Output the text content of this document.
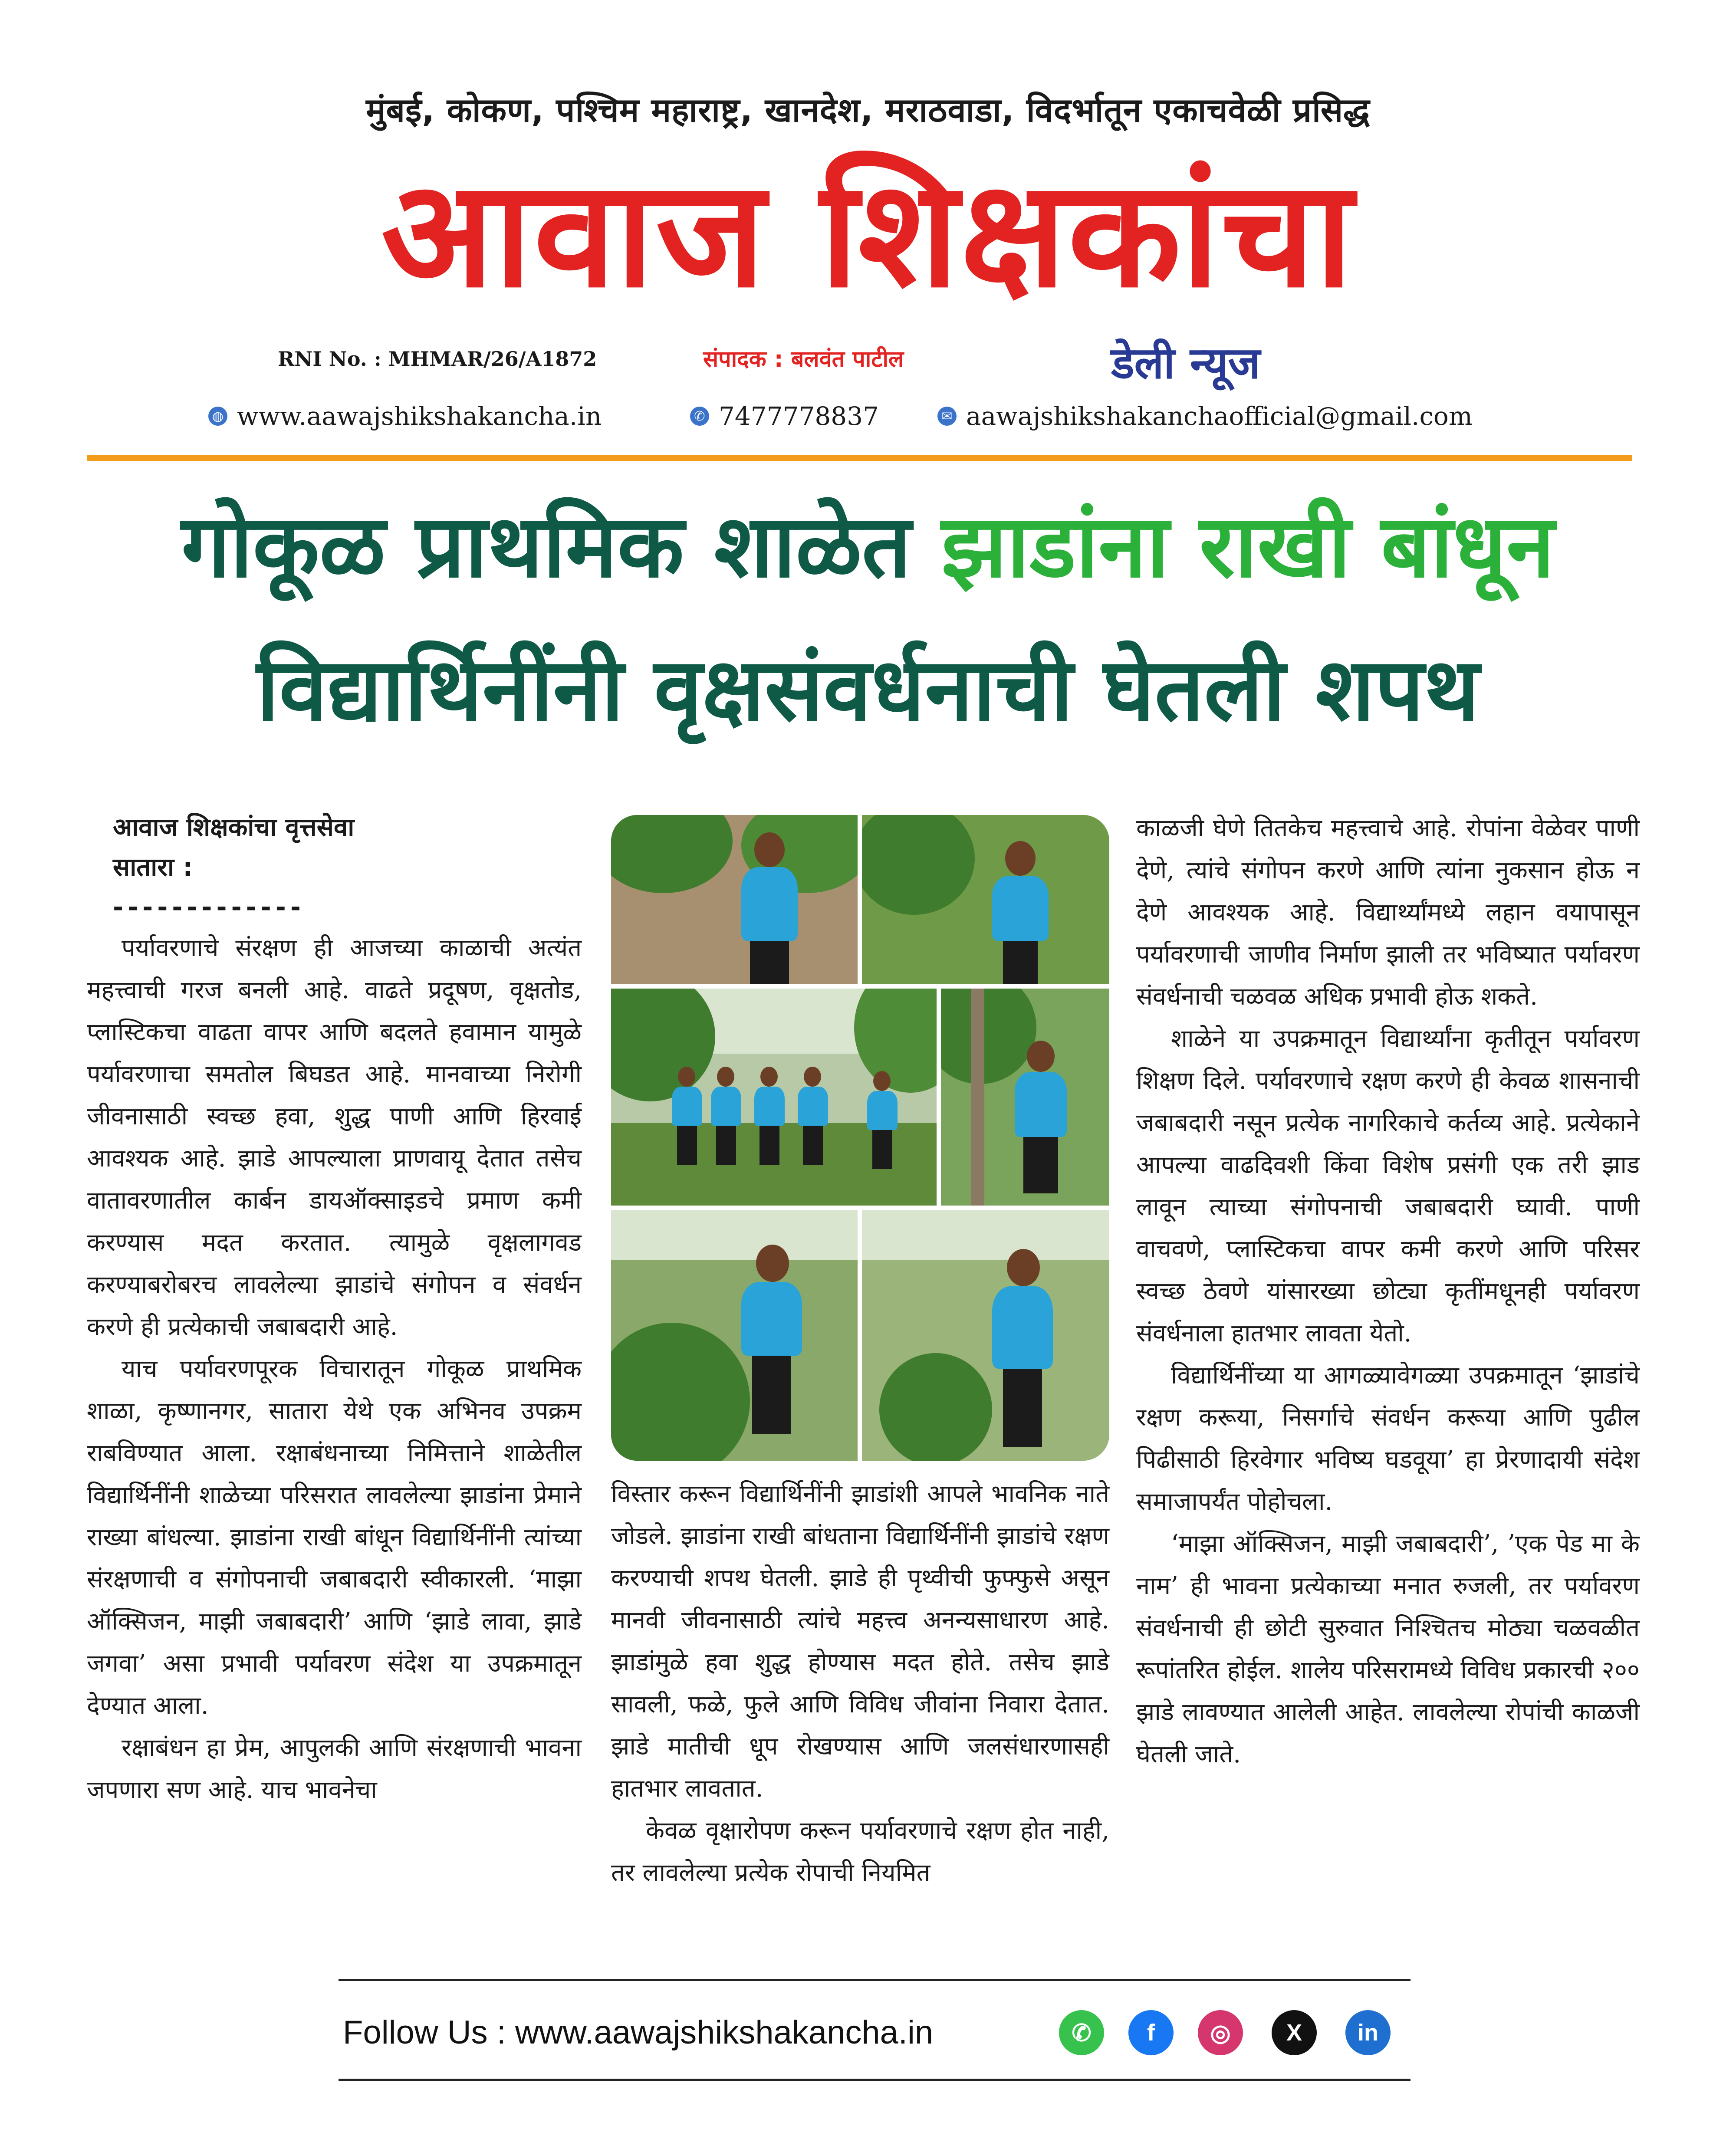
मुंबई, कोकण, पश्चिम महाराष्ट्र, खानदेश, मराठवाडा, विदर्भातून एकाचवेळी प्रसिद्ध
आवाज शिक्षकांचा
RNI No. : MHMAR/26/A1872	संपादक : बलवंत पाटील	डेली न्यूज
◍ www.aawajshikshakancha.in	✆ 7477778837	✉ aawajshikshakanchaofficial@gmail.com
गोकूळ प्राथमिक शाळेत झाडांना राखी बांधून
विद्यार्थिनींनी वृक्षसंवर्धनाची घेतली शपथ

आवाज शिक्षकांचा वृत्तसेवा

सातारा :

-------------

पर्यावरणाचे संरक्षण ही आजच्या काळाची अत्यंत महत्त्वाची गरज बनली आहे. वाढते प्रदूषण, वृक्षतोड, प्लास्टिकचा वाढता वापर आणि बदलते हवामान यामुळे पर्यावरणाचा समतोल बिघडत आहे. मानवाच्या निरोगी जीवनासाठी स्वच्छ हवा, शुद्ध पाणी आणि हिरवाई आवश्यक आहे. झाडे आपल्याला प्राणवायू देतात तसेच वातावरणातील कार्बन डायऑक्साइडचे प्रमाण कमी करण्यास मदत करतात. त्यामुळे वृक्षलागवड करण्याबरोबरच लावलेल्या झाडांचे संगोपन व संवर्धन करणे ही प्रत्येकाची जबाबदारी आहे.

याच पर्यावरणपूरक विचारातून गोकूळ प्राथमिक शाळा, कृष्णानगर, सातारा येथे एक अभिनव उपक्रम राबविण्यात आला. रक्षाबंधनाच्या निमित्ताने शाळेतील विद्यार्थिनींनी शाळेच्या परिसरात लावलेल्या झाडांना प्रेमाने राख्या बांधल्या. झाडांना राखी बांधून विद्यार्थिनींनी त्यांच्या संरक्षणाची व संगोपनाची जबाबदारी स्वीकारली. ‘माझा ऑक्सिजन, माझी जबाबदारी’ आणि ‘झाडे लावा, झाडे जगवा’ असा प्रभावी पर्यावरण संदेश या उपक्रमातून देण्यात आला.

रक्षाबंधन हा प्रेम, आपुलकी आणि संरक्षणाची भावना जपणारा सण आहे. याच भावनेचा

विस्तार करून विद्यार्थिनींनी झाडांशी आपले भावनिक नाते जोडले. झाडांना राखी बांधताना विद्यार्थिनींनी झाडांचे रक्षण करण्याची शपथ घेतली. झाडे ही पृथ्वीची फुफ्फुसे असून मानवी जीवनासाठी त्यांचे महत्त्व अनन्यसाधारण आहे. झाडांमुळे हवा शुद्ध होण्यास मदत होते. तसेच झाडे सावली, फळे, फुले आणि विविध जीवांना निवारा देतात. झाडे मातीची धूप रोखण्यास आणि जलसंधारणासही हातभार लावतात.

केवळ वृक्षारोपण करून पर्यावरणाचे रक्षण होत नाही, तर लावलेल्या प्रत्येक रोपाची नियमित

काळजी घेणे तितकेच महत्त्वाचे आहे. रोपांना वेळेवर पाणी देणे, त्यांचे संगोपन करणे आणि त्यांना नुकसान होऊ न देणे आवश्यक आहे. विद्यार्थ्यांमध्ये लहान वयापासून पर्यावरणाची जाणीव निर्माण झाली तर भविष्यात पर्यावरण संवर्धनाची चळवळ अधिक प्रभावी होऊ शकते.

शाळेने या उपक्रमातून विद्यार्थ्यांना कृतीतून पर्यावरण शिक्षण दिले. पर्यावरणाचे रक्षण करणे ही केवळ शासनाची जबाबदारी नसून प्रत्येक नागरिकाचे कर्तव्य आहे. प्रत्येकाने आपल्या वाढदिवशी किंवा विशेष प्रसंगी एक तरी झाड लावून त्याच्या संगोपनाची जबाबदारी घ्यावी. पाणी वाचवणे, प्लास्टिकचा वापर कमी करणे आणि परिसर स्वच्छ ठेवणे यांसारख्या छोट्या कृतींमधूनही पर्यावरण संवर्धनाला हातभार लावता येतो.

विद्यार्थिनींच्या या आगळ्यावेगळ्या उपक्रमातून ‘झाडांचे रक्षण करूया, निसर्गाचे संवर्धन करूया आणि पुढील पिढीसाठी हिरवेगार भविष्य घडवूया’ हा प्रेरणादायी संदेश समाजापर्यंत पोहोचला.

‘माझा ऑक्सिजन, माझी जबाबदारी’, ’एक पेड मा के नाम’ ही भावना प्रत्येकाच्या मनात रुजली, तर पर्यावरण संवर्धनाची ही छोटी सुरुवात निश्चितच मोठ्या चळवळीत रूपांतरित होईल. शालेय परिसरामध्ये विविध प्रकारची २०० झाडे लावण्यात आलेली आहेत. लावलेल्या रोपांची काळजी घेतली जाते.

Follow Us : www.aawajshikshakancha.in	✆ f ◎ X in
